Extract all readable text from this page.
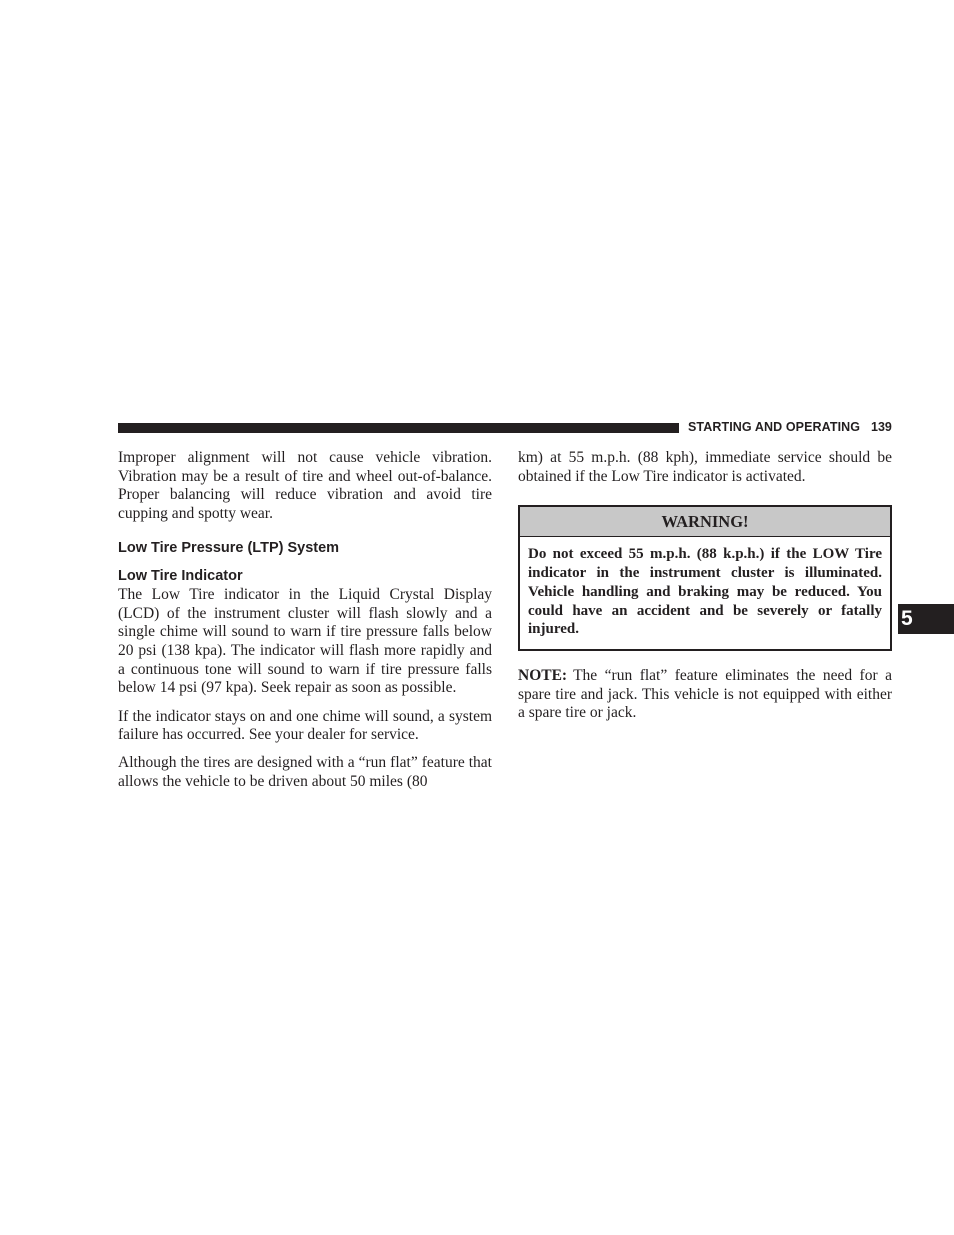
STARTING AND OPERATING 139

Improper alignment will not cause vehicle vibration. Vibration may be a result of tire and wheel out-of-balance. Proper balancing will reduce vibration and avoid tire cupping and spotty wear.

Low Tire Pressure (LTP) System
Low Tire Indicator

The Low Tire indicator in the Liquid Crystal Display (LCD) of the instrument cluster will flash slowly and a single chime will sound to warn if tire pressure falls below 20 psi (138 kpa). The indicator will flash more rapidly and a continuous tone will sound to warn if tire pressure falls below 14 psi (97 kpa). Seek repair as soon as possible.

If the indicator stays on and one chime will sound, a system failure has occurred. See your dealer for service.

Although the tires are designed with a “run flat” feature that allows the vehicle to be driven about 50 miles (80

km) at 55 m.p.h. (88 kph), immediate service should be obtained if the Low Tire indicator is activated.

WARNING!

Do not exceed 55 m.p.h. (88 k.p.h.) if the LOW Tire indicator in the instrument cluster is illuminated. Vehicle handling and braking may be reduced. You could have an accident and be severely or fatally injured.

NOTE: The “run flat” feature eliminates the need for a spare tire and jack. This vehicle is not equipped with either a spare tire or jack.

5
